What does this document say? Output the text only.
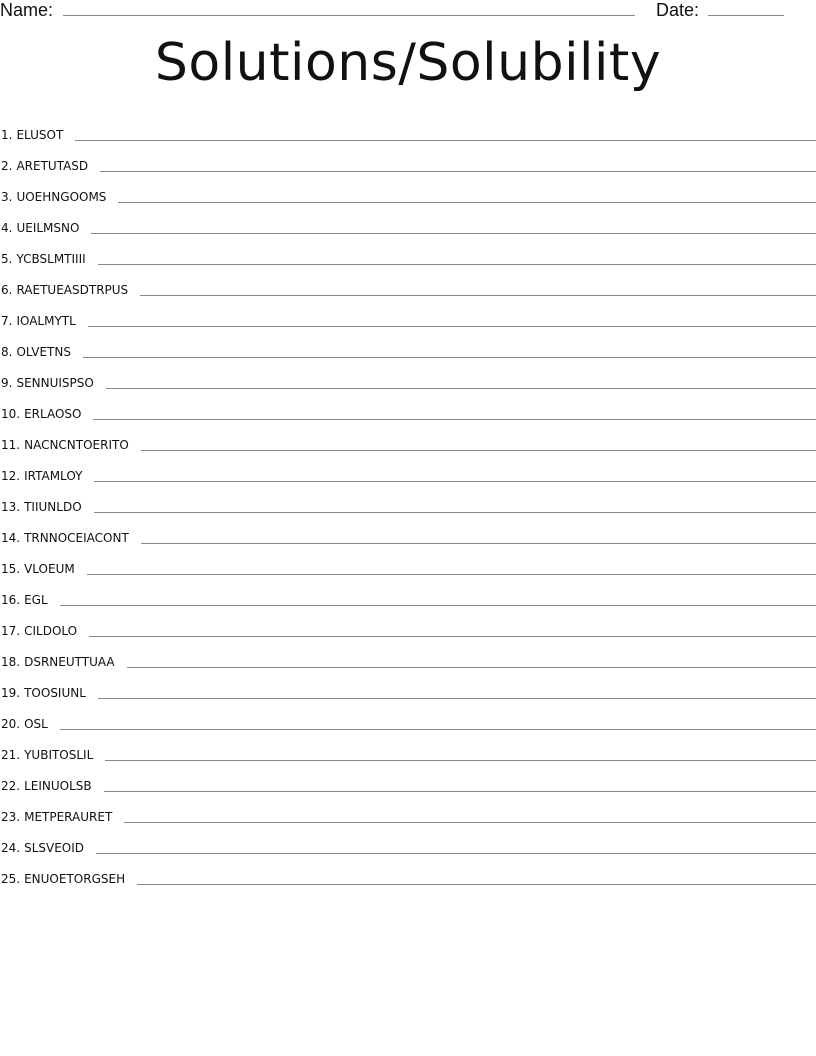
Name:	Date:
Solutions/Solubility
1. ELUSOT
2. ARETUTASD
3. UOEHNGOOMS
4. UEILMSNO
5. YCBSLMTIIII
6. RAETUEASDTRPUS
7. IOALMYTL
8. OLVETNS
9. SENNUISPSO
10. ERLAOSO
11. NACNCNTOERITO
12. IRTAMLOY
13. TIIUNLDO
14. TRNNOCEIACONT
15. VLOEUM
16. EGL
17. CILDOLO
18. DSRNEUTTUAA
19. TOOSIUNL
20. OSL
21. YUBITOSLIL
22. LEINUOLSB
23. METPERAURET
24. SLSVEOID
25. ENUOETORGSEH
